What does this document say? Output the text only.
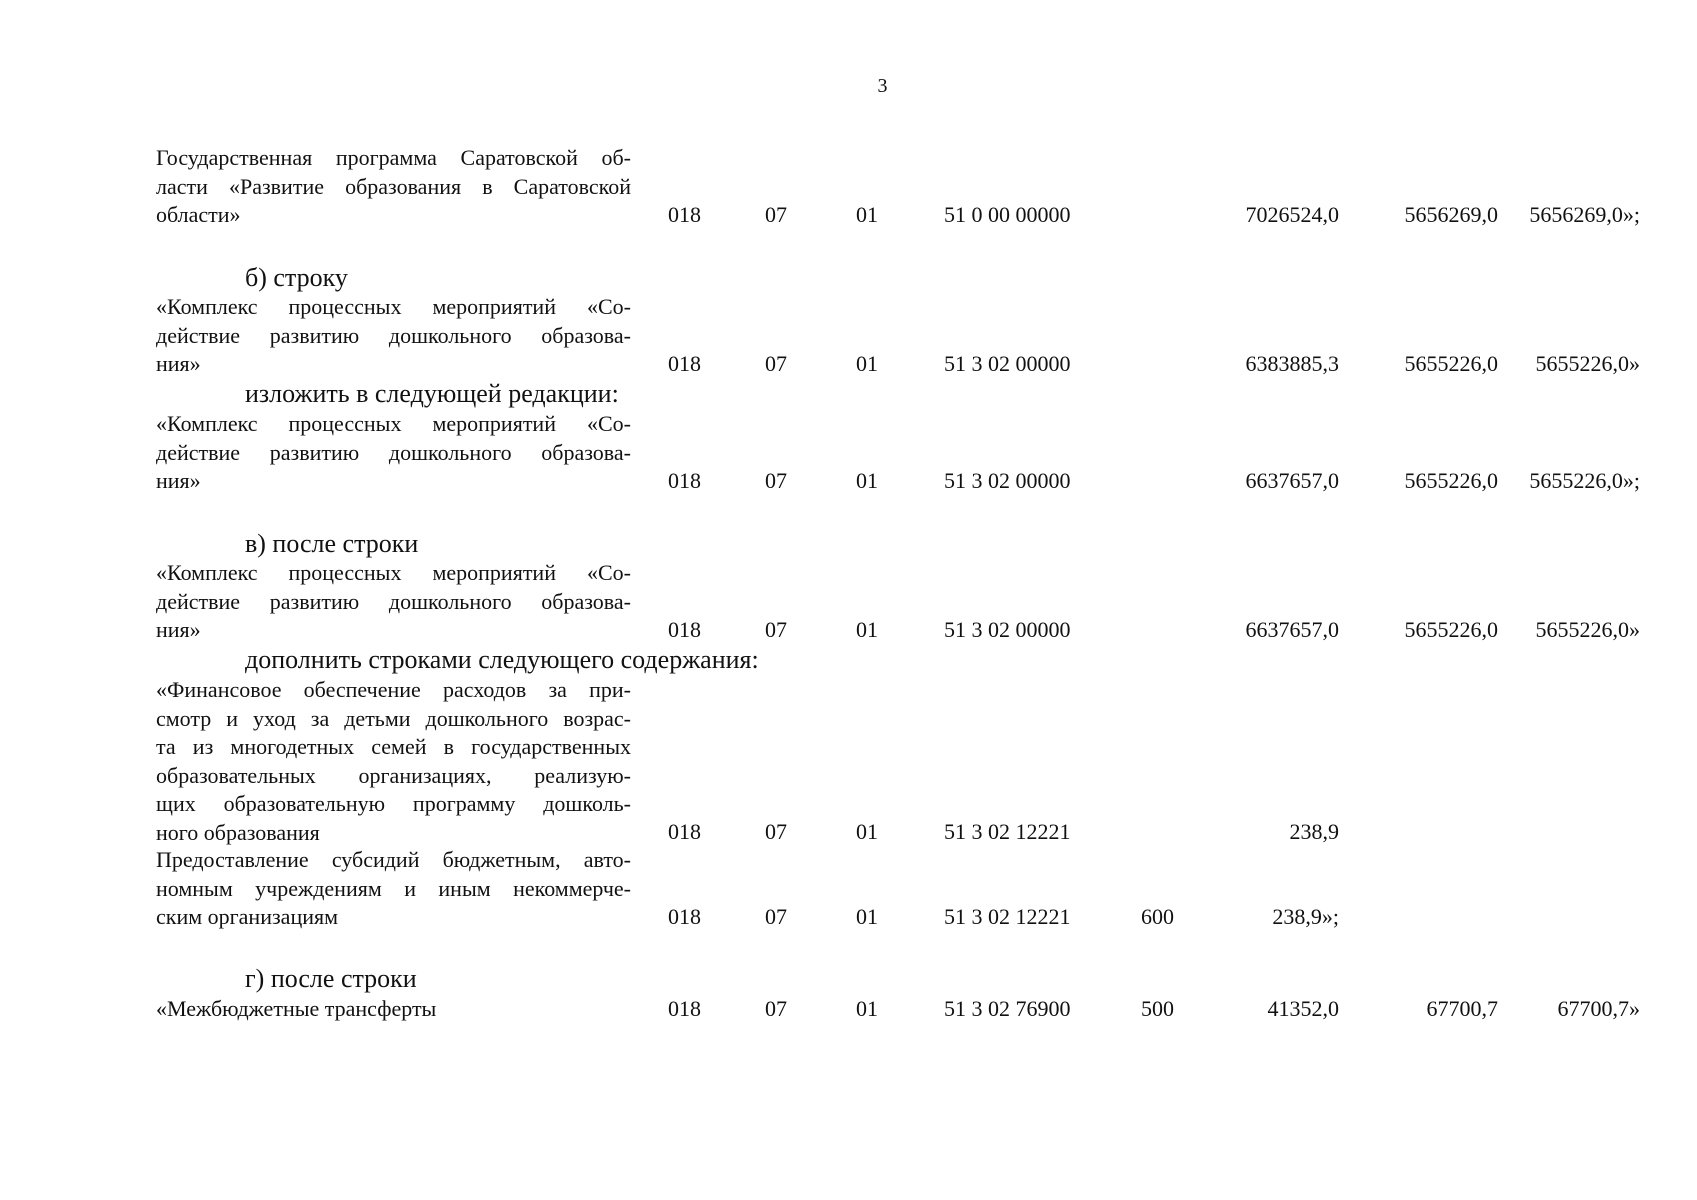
3
Государственная программа Саратовской об-
ласти «Развитие образования в Саратовской
области»	018	07	01	51 0 00 00000	7026524,0	5656269,0 5656269,0»;
б) строку
«Комплекс процессных мероприятий «Со-
действие развитию дошкольного образова-
ния»	018	07	01	51 3 02 00000	6383885,3	5655226,0 5655226,0»
изложить в следующей редакции:
«Комплекс процессных мероприятий «Со-
действие развитию дошкольного образова-
ния»	018	07	01	51 3 02 00000	6637657,0	5655226,0 5655226,0»;
в) после строки
«Комплекс процессных мероприятий «Со-
действие развитию дошкольного образова-
ния»	018	07	01	51 3 02 00000	6637657,0	5655226,0 5655226,0»
дополнить строками следующего содержания:
«Финансовое обеспечение расходов за при-
смотр и уход за детьми дошкольного возрас-
та из многодетных семей в государственных
образовательных организациях, реализую-
щих образовательную программу дошколь-
ного образования	018	07	01	51 3 02 12221	238,9
Предоставление субсидий бюджетным, авто-
номным учреждениям и иным некоммерче-
ским организациям	018	07	01	51 3 02 12221	600	238,9»;
г) после строки
«Межбюджетные трансферты	018	07	01	51 3 02 76900	500	41352,0	67700,7	67700,7»
